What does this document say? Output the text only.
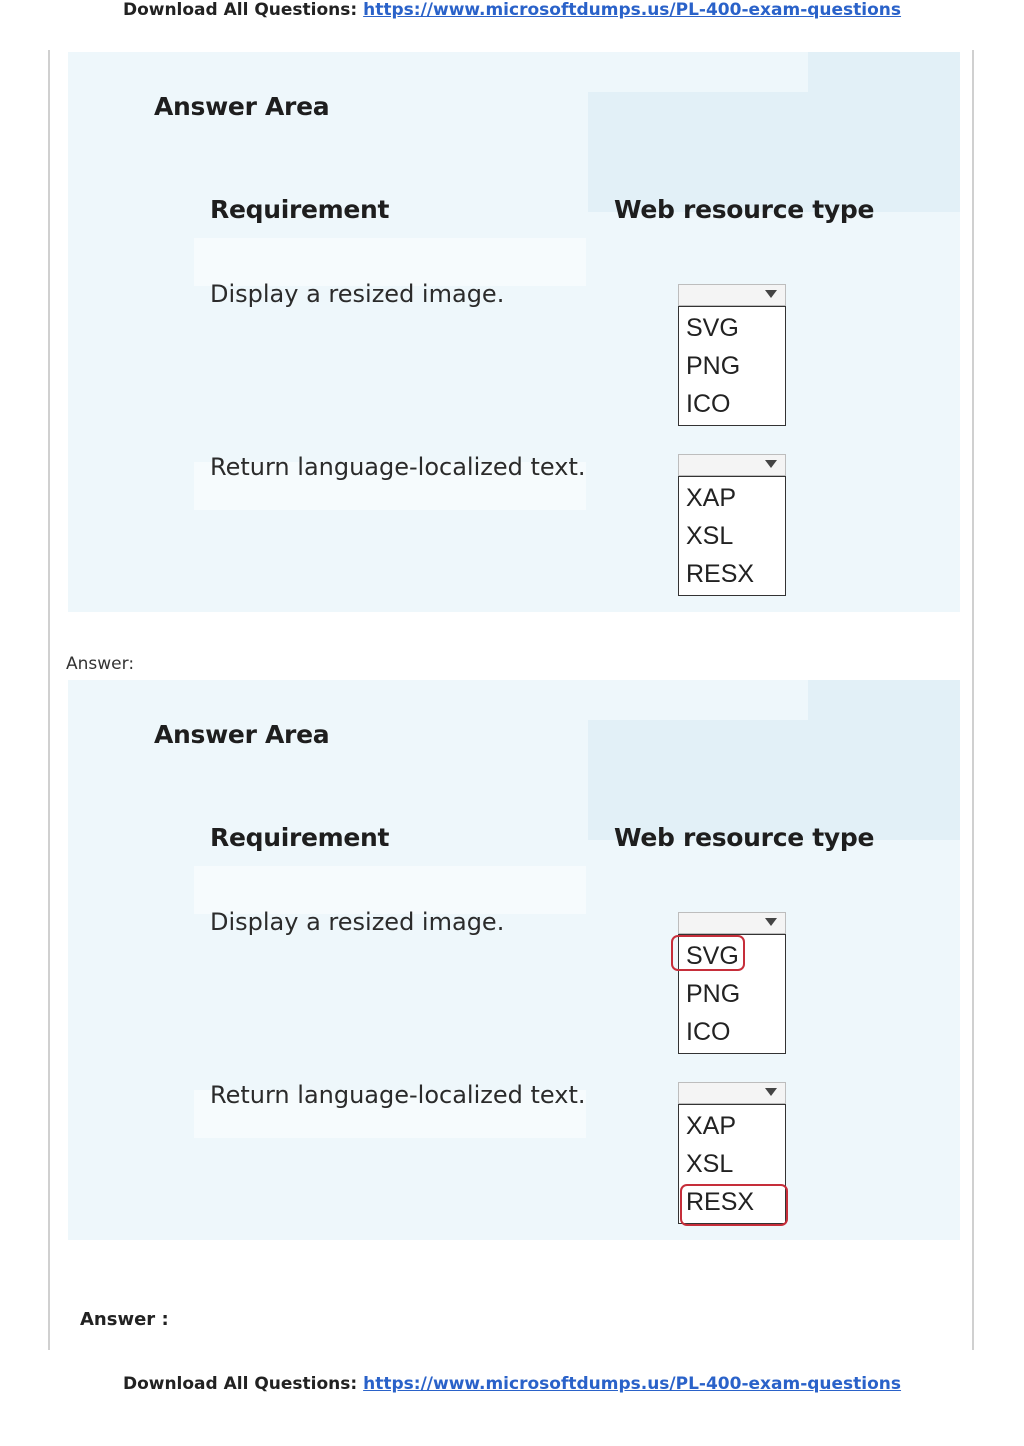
Download All Questions: https://www.microsoftdumps.us/PL-400-exam-questions
Answer Area
Requirement	Web resource type
Display a resized image.
Return language-localized text.
SVG
PNG
ICO
XAP
XSL
RESX
Answer:
Answer Area
Requirement	Web resource type
Display a resized image.
Return language-localized text.
SVG
PNG
ICO
XAP
XSL
RESX
Answer :
Download All Questions: https://www.microsoftdumps.us/PL-400-exam-questions
